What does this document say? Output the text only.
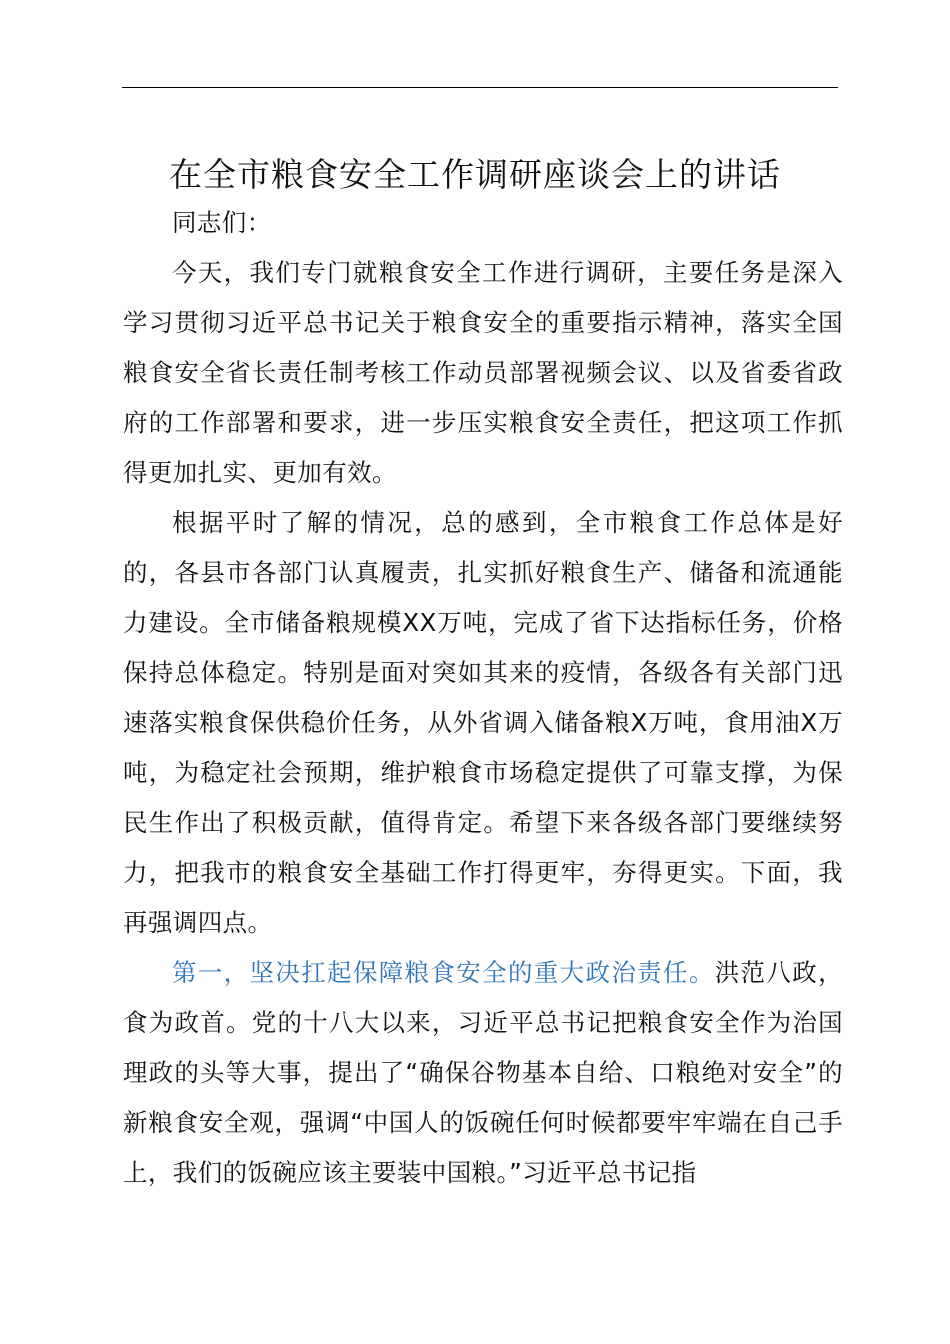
在全市粮食安全工作调研座谈会上的讲话

同志们：

今天，我们专门就粮食安全工作进行调研，主要任务是深入学习贯彻习近平总书记关于粮食安全的重要指示精神，落实全国粮食安全省长责任制考核工作动员部署视频会议、以及省委省政府的工作部署和要求，进一步压实粮食安全责任，把这项工作抓得更加扎实、更加有效。

根据平时了解的情况，总的感到，全市粮食工作总体是好的，各县市各部门认真履责，扎实抓好粮食生产、储备和流通能力建设。全市储备粮规模XX万吨，完成了省下达指标任务，价格保持总体稳定。特别是面对突如其来的疫情，各级各有关部门迅速落实粮食保供稳价任务，从外省调入储备粮X万吨，食用油X万吨，为稳定社会预期，维护粮食市场稳定提供了可靠支撑，为保民生作出了积极贡献，值得肯定。希望下来各级各部门要继续努力，把我市的粮食安全基础工作打得更牢，夯得更实。下面，我再强调四点。

第一，坚决扛起保障粮食安全的重大政治责任。洪范八政，食为政首。党的十八大以来，习近平总书记把粮食安全作为治国理政的头等大事，提出了“确保谷物基本自给、口粮绝对安全”的新粮食安全观，强调“中国人的饭碗任何时候都要牢牢端在自己手上，我们的饭碗应该主要装中国粮。”习近平总书记指
